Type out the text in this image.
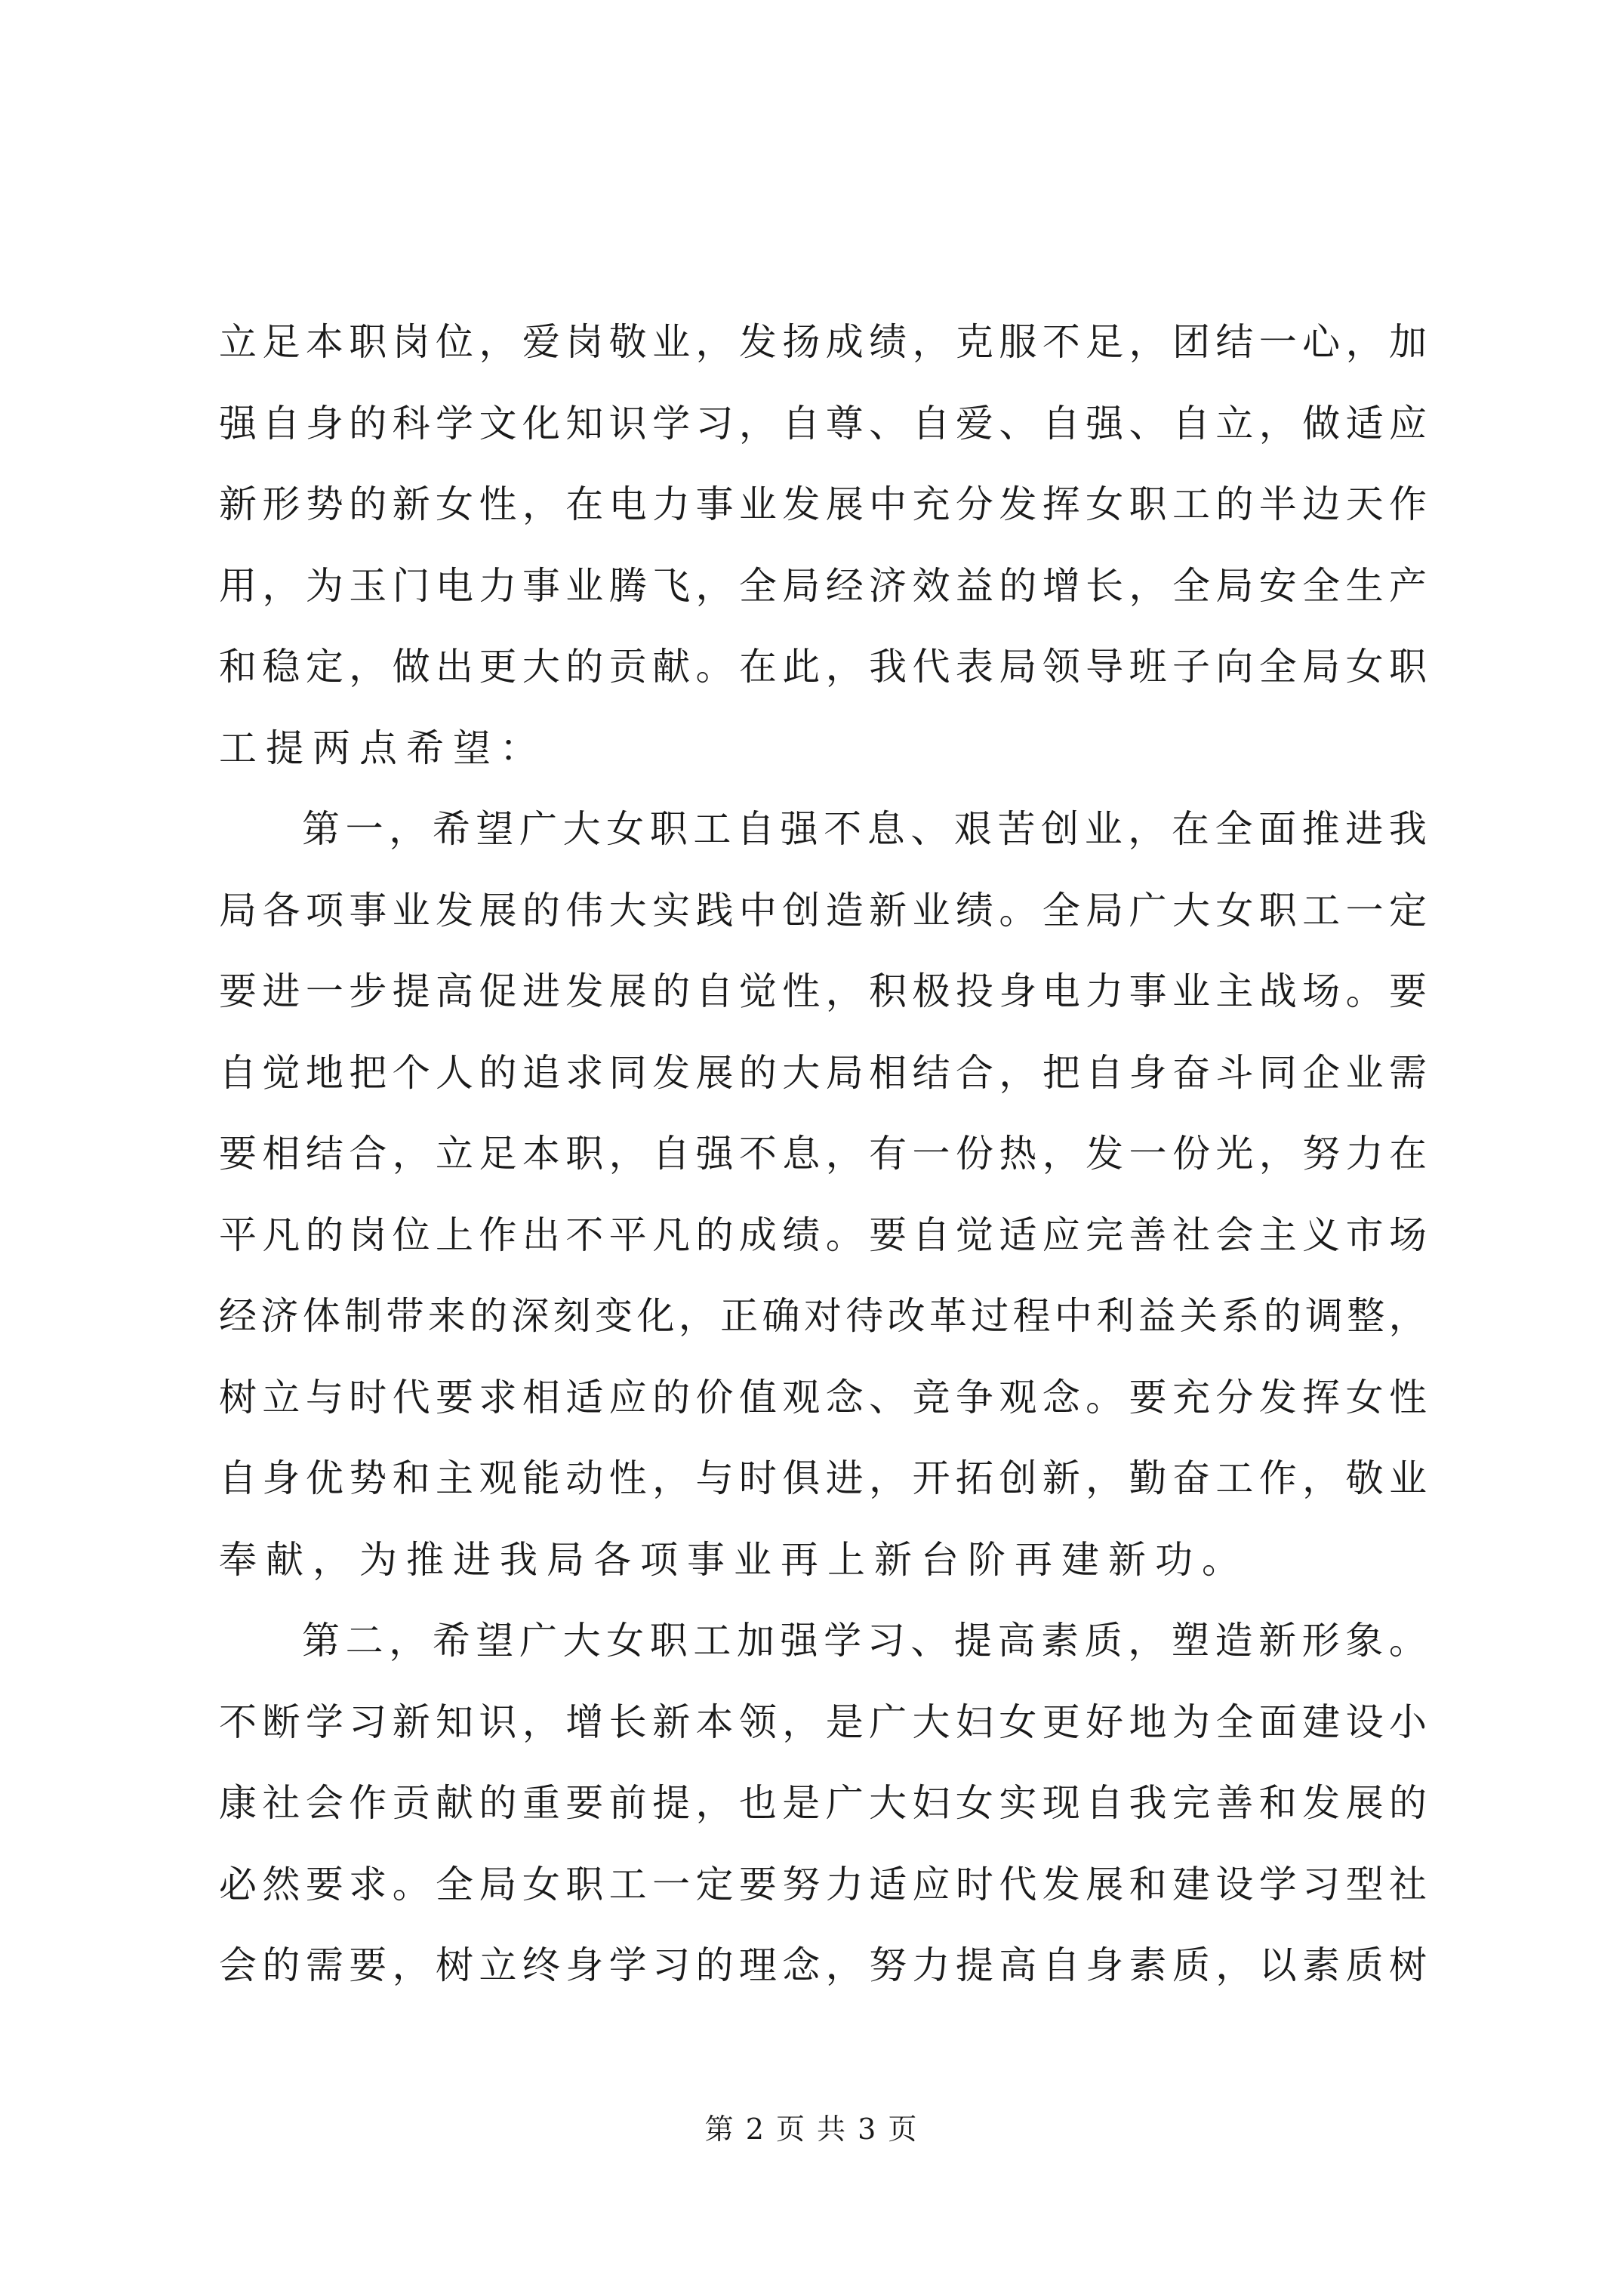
立 足 本 职 岗 位 ， 爱 岗 敬 业 ， 发 扬 成 绩 ， 克 服 不 足 ， 团 结 一 心 ， 加
强 自 身 的 科 学 文 化 知 识 学 习 ， 自 尊 、 自 爱 、 自 强 、 自 立 ， 做 适 应
新 形 势 的 新 女 性 ， 在 电 力 事 业 发 展 中 充 分 发 挥 女 职 工 的 半 边 天 作
用 ， 为 玉 门 电 力 事 业 腾 飞 ， 全 局 经 济 效 益 的 增 长 ， 全 局 安 全 生 产
和 稳 定 ， 做 出 更 大 的 贡 献 。 在 此 ， 我 代 表 局 领 导 班 子 向 全 局 女 职
工提两点希望：
第 一 ， 希 望 广 大 女 职 工 自 强 不 息 、 艰 苦 创 业 ， 在 全 面 推 进 我
局 各 项 事 业 发 展 的 伟 大 实 践 中 创 造 新 业 绩 。 全 局 广 大 女 职 工 一 定
要 进 一 步 提 高 促 进 发 展 的 自 觉 性 ， 积 极 投 身 电 力 事 业 主 战 场 。 要
自 觉 地 把 个 人 的 追 求 同 发 展 的 大 局 相 结 合 ， 把 自 身 奋 斗 同 企 业 需
要 相 结 合 ， 立 足 本 职 ， 自 强 不 息 ， 有 一 份 热 ， 发 一 份 光 ， 努 力 在
平 凡 的 岗 位 上 作 出 不 平 凡 的 成 绩 。 要 自 觉 适 应 完 善 社 会 主 义 市 场
经 济 体 制 带 来 的 深 刻 变 化 ， 正 确 对 待 改 革 过 程 中 利 益 关 系 的 调 整 ，
树 立 与 时 代 要 求 相 适 应 的 价 值 观 念 、 竞 争 观 念 。 要 充 分 发 挥 女 性
自 身 优 势 和 主 观 能 动 性 ， 与 时 俱 进 ， 开 拓 创 新 ， 勤 奋 工 作 ， 敬 业
奉献，为推进我局各项事业再上新台阶再建新功。
第 二 ， 希 望 广 大 女 职 工 加 强 学 习 、 提 高 素 质 ， 塑 造 新 形 象 。
不 断 学 习 新 知 识 ， 增 长 新 本 领 ， 是 广 大 妇 女 更 好 地 为 全 面 建 设 小
康 社 会 作 贡 献 的 重 要 前 提 ， 也 是 广 大 妇 女 实 现 自 我 完 善 和 发 展 的
必 然 要 求 。 全 局 女 职 工 一 定 要 努 力 适 应 时 代 发 展 和 建 设 学 习 型 社
会 的 需 要 ， 树 立 终 身 学 习 的 理 念 ， 努 力 提 高 自 身 素 质 ， 以 素 质 树
第 2 页 共 3 页
